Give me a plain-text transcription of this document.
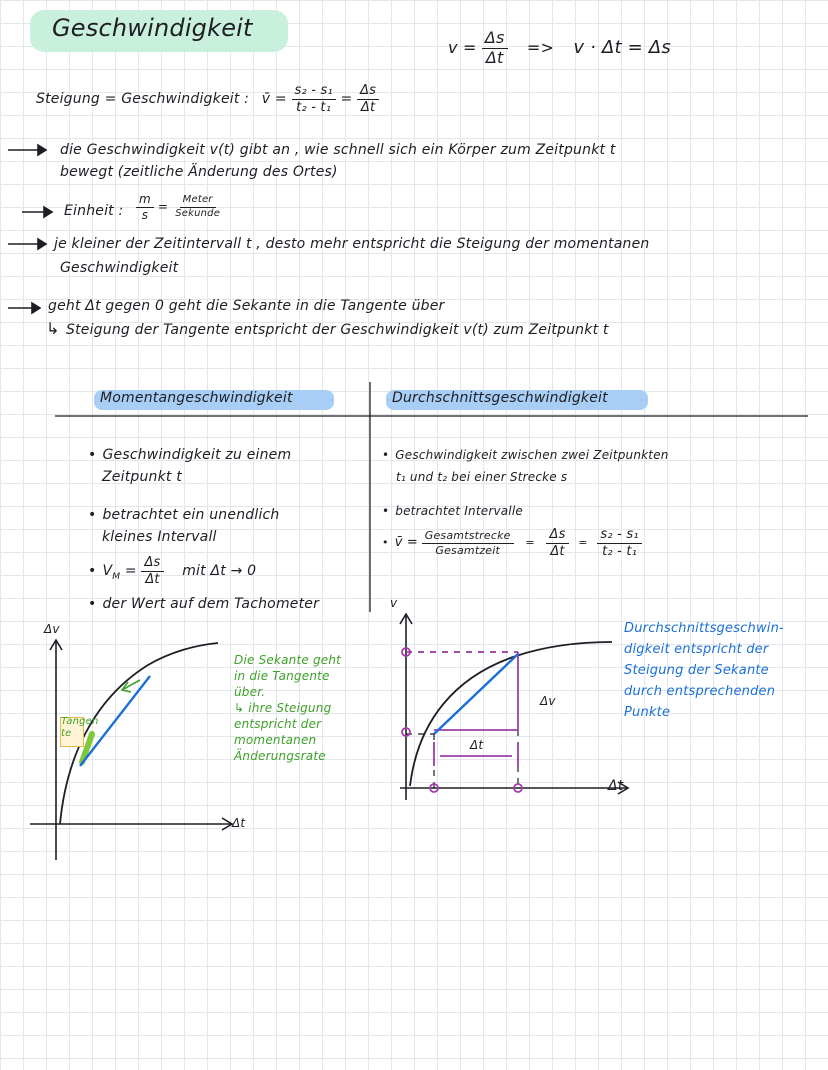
Geschwindigkeit
$v = \frac{\Delta s}{\Delta t} => v \cdot \Delta t = \Delta s$
Steigung = Geschwindigkeit : v̄ = $\frac{\text{s₂ - s₁}}{\text{t₂ - t₁}} = \frac{\Delta s}{\Delta t}$
die Geschwindigkeit v(t) gibt an , wie schnell sich ein Körper zum Zeitpunkt t
bewegt (zeitliche Änderung des Ortes)
Einheit : $\frac{m}{s} = \frac{\text{Meter}}{\text{Sekunde}}$
je kleiner der Zeitintervall t , desto mehr entspricht die Steigung der momentanen
Geschwindigkeit
geht Δt gegen 0 geht die Sekante in die Tangente über
↳ Steigung der Tangente entspricht der Geschwindigkeit v(t) zum Zeitpunkt t
Momentangeschwindigkeit	Durchschnittsgeschwindigkeit
• Geschwindigkeit zu einem
Zeitpunkt t
• betrachtet ein unendlich
kleines Intervall
• $V_M = \frac{\Delta s}{\Delta t}$ mit Δt → 0
• der Wert auf dem Tachometer
• Geschwindigkeit zwischen zwei Zeitpunkten
t₁ und t₂ bei einer Strecke s
• betrachtet Intervalle
• v̄ = $\frac{\text{Gesamtstrecke}}{\text{Gesamtzeit}} = \frac{\Delta s}{\Delta t} = \frac{\text{s₂ - s₁}}{\text{t₂ - t₁}}$
Δv
Δt
Tangen
te
Die Sekante geht
in die Tangente
über.
↳ ihre Steigung
entspricht der
momentanen
Änderungsrate
v
Δt
Δv
Δt
Durchschnittsgeschwin-
digkeit entspricht der
Steigung der Sekante
durch entsprechenden
Punkte
